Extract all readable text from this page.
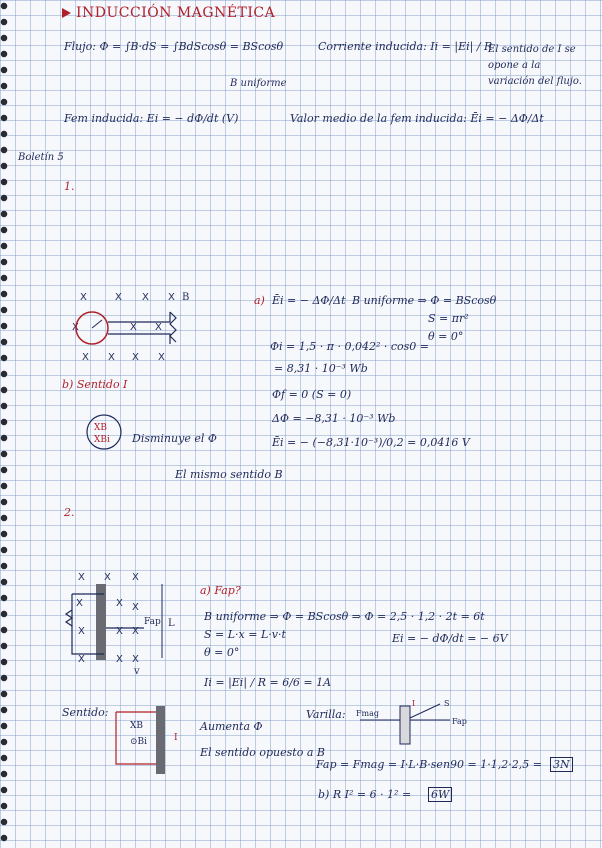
INDUCCIÓN MAGNÉTICA
Flujo: Φ = ∫B·dS = ∫BdScosθ = BScosθ
B uniforme
Corriente inducida: Ii = |Ei| / R
El sentido de I se opone a la variación del flujo.
Fem inducida: Ei = − dΦ/dt (V)	Valor medio de la fem inducida: Ēi = − ΔΦ/Δt
Boletín 5
1.
X	X X X
X	X X
X X X X
B
b) Sentido I
XB
XBi Disminuye el Φ
El mismo sentido B
a) Ēi = − ΔΦ/Δt B uniforme ⇒ Φ = BScosθ
S = πr²
θ = 0°
Φi = 1,5 · π · 0,042² · cos0 =
= 8,31 · 10⁻³ Wb
Φf = 0 (S = 0)
ΔΦ = −8,31 · 10⁻³ Wb
Ēi = − (−8,31·10⁻³)/0,2 = 0,0416 V
2.
X X X
X	X X
X	X X
X	X X
Fap L
v
a) Fap?
B uniforme ⇒ Φ = BScosθ ⇒ Φ = 2,5 · 1,2 · 2t = 6t
S = L·x = L·v·t
θ = 0°
Ei = − dΦ/dt = − 6V
Ii = |Ei| / R = 6/6 = 1A
Sentido:
XB
⊙Bi	I
Aumenta Φ
El sentido opuesto a B
Varilla: Fmag
Fap
S
I
Fap = Fmag = I·L·B·sen90 = 1·1,2·2,5 = 3N
b) R I² = 6 · 1² = 6W
